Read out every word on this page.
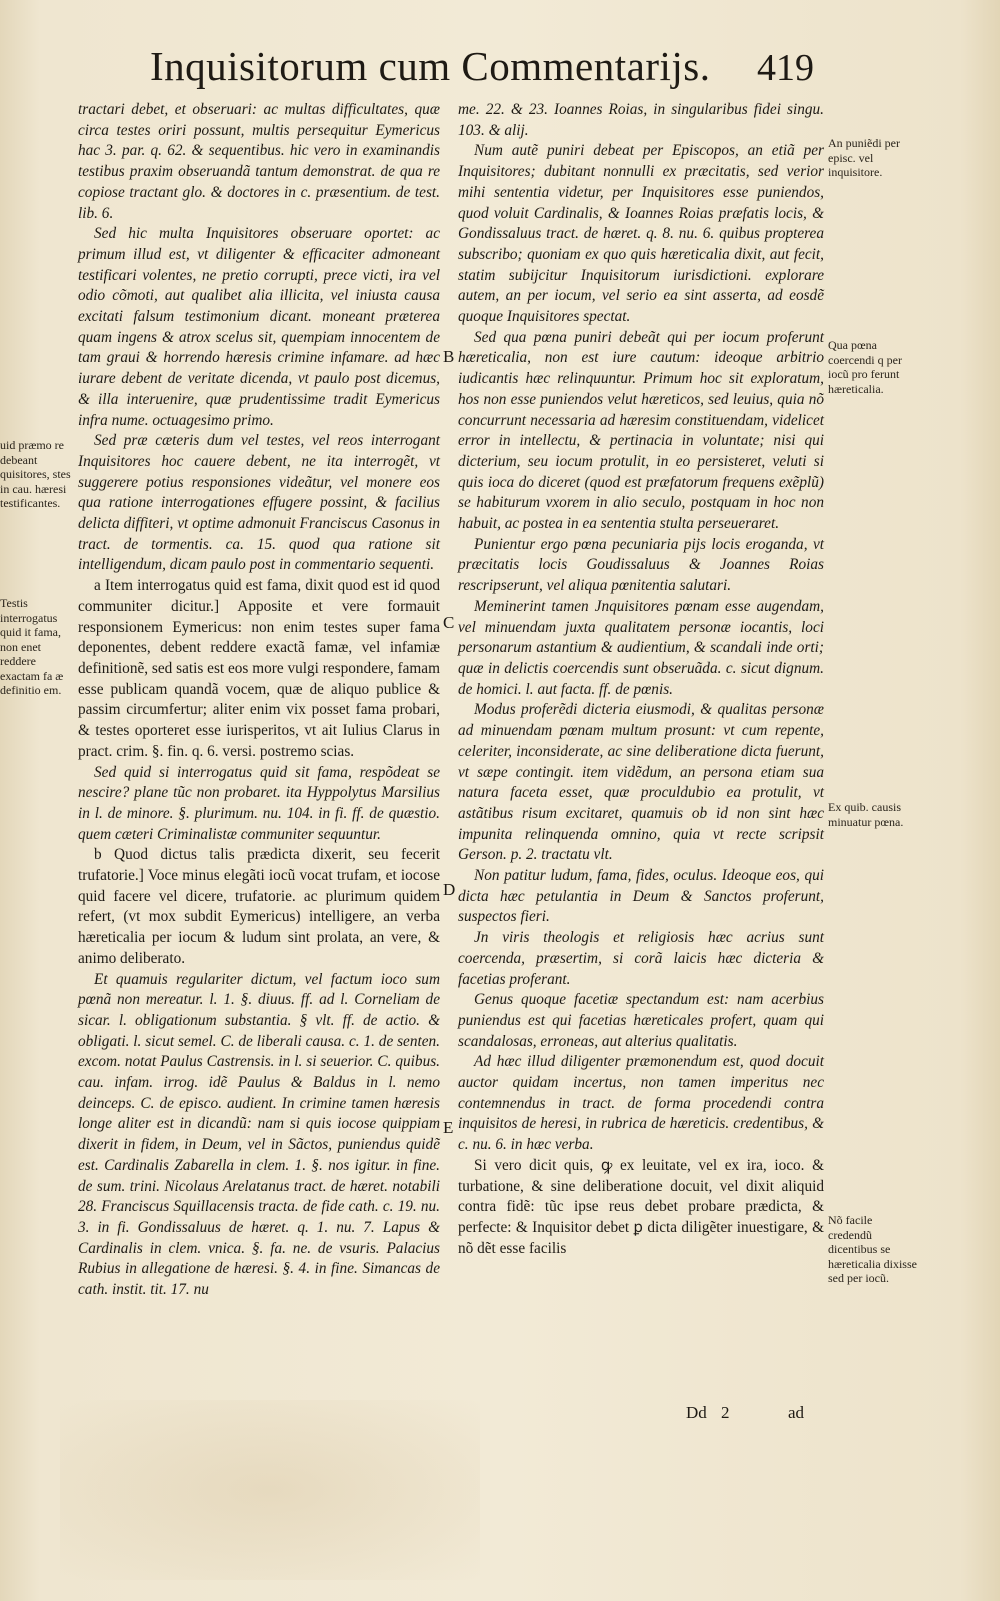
Inquisitorum cum Commentarijs. 419

tractari debet, et obseruari: ac multas difficultates, quæ circa testes oriri possunt, multis persequitur Eymericus hac 3. par. q. 62. & sequentibus. hic vero in examinandis testibus praxim obseruandã tantum demonstrat. de qua re copiose tractant glo. & doctores in c. præsentium. de test. lib. 6.

Sed hic multa Inquisitores obseruare oportet: ac primum illud est, vt diligenter & efficaciter admoneant testificari volentes, ne pretio corrupti, prece victi, ira vel odio cõmoti, aut qualibet alia illicita, vel iniusta causa excitati falsum testimonium dicant. moneant præterea quam ingens & atrox scelus sit, quempiam innocentem de tam graui & horrendo hæresis crimine infamare. ad hæc iurare debent de veritate dicenda, vt paulo post dicemus, & illa interuenire, quæ prudentissime tradit Eymericus infra nume. octuagesimo primo.

Sed præ cæteris dum vel testes, vel reos interrogant Inquisitores hoc cauere debent, ne ita interrogẽt, vt suggerere potius responsiones videãtur, vel monere eos qua ratione interrogationes effugere possint, & facilius delicta diffiteri, vt optime admonuit Franciscus Casonus in tract. de tormentis. ca. 15. quod qua ratione sit intelligendum, dicam paulo post in commentario sequenti.

a Item interrogatus quid est fama, dixit quod est id quod communiter dicitur.] Apposite et vere formauit responsionem Eymericus: non enim testes super fama deponentes, debent reddere exactã famæ, vel infamiæ definitionẽ, sed satis est eos more vulgi respondere, famam esse publicam quandã vocem, quæ de aliquo publice & passim circumfertur; aliter enim vix posset fama probari, & testes oporteret esse iurisperitos, vt ait Iulius Clarus in pract. crim. §. fin. q. 6. versi. postremo scias.

Sed quid si interrogatus quid sit fama, respõdeat se nescire? plane tũc non probaret. ita Hyppolytus Marsilius in l. de minore. §. plurimum. nu. 104. in fi. ff. de quæstio. quem cæteri Criminalistæ communiter sequuntur.

b Quod dictus talis prædicta dixerit, seu fecerit trufatorie.] Voce minus elegãti iocũ vocat trufam, et iocose quid facere vel dicere, trufatorie. ac plurimum quidem refert, (vt mox subdit Eymericus) intelligere, an verba hæreticalia per iocum & ludum sint prolata, an vere, & animo deliberato.

Et quamuis regulariter dictum, vel factum ioco sum pœnã non mereatur. l. 1. §. diuus. ff. ad l. Corneliam de sicar. l. obligationum substantia. § vlt. ff. de actio. & obligati. l. sicut semel. C. de liberali causa. c. 1. de senten. excom. notat Paulus Castrensis. in l. si seuerior. C. quibus. cau. infam. irrog. idẽ Paulus & Baldus in l. nemo deinceps. C. de episco. audient. In crimine tamen hæresis longe aliter est in dicandũ: nam si quis iocose quippiam dixerit in fidem, in Deum, vel in Sãctos, puniendus quidẽ est. Cardinalis Zabarella in clem. 1. §. nos igitur. in fine. de sum. trini. Nicolaus Arelatanus tract. de hæret. notabili 28. Franciscus Squillacensis tracta. de fide cath. c. 19. nu. 3. in fi. Gondissaluus de hæret. q. 1. nu. 7. Lapus & Cardinalis in clem. vnica. §. fa. ne. de vsuris. Palacius Rubius in allegatione de hæresi. §. 4. in fine. Simancas de cath. instit. tit. 17. nu

me. 22. & 23. Ioannes Roias, in singularibus fidei singu. 103. & alij.

Num autẽ puniri debeat per Episcopos, an etiã per Inquisitores; dubitant nonnulli ex præcitatis, sed verior mihi sententia videtur, per Inquisitores esse puniendos, quod voluit Cardinalis, & Ioannes Roias præfatis locis, & Gondissaluus tract. de hæret. q. 8. nu. 6. quibus propterea subscribo; quoniam ex quo quis hæreticalia dixit, aut fecit, statim subijcitur Inquisitorum iurisdictioni. explorare autem, an per iocum, vel serio ea sint asserta, ad eosdẽ quoque Inquisitores spectat.

Sed qua pœna puniri debeãt qui per iocum proferunt hæreticalia, non est iure cautum: ideoque arbitrio iudicantis hæc relinquuntur. Primum hoc sit exploratum, hos non esse puniendos velut hæreticos, sed leuius, quia nõ concurrunt necessaria ad hæresim constituendam, videlicet error in intellectu, & pertinacia in voluntate; nisi qui dicterium, seu iocum protulit, in eo persisteret, veluti si quis ioca do diceret (quod est præfatorum frequens exẽplũ) se habiturum vxorem in alio seculo, postquam in hoc non habuit, ac postea in ea sententia stulta perseueraret.

Punientur ergo pœna pecuniaria pijs locis eroganda, vt præcitatis locis Goudissaluus & Joannes Roias rescripserunt, vel aliqua pœnitentia salutari.

Meminerint tamen Jnquisitores pœnam esse augendam, vel minuendam juxta qualitatem personæ iocantis, loci personarum astantium & audientium, & scandali inde orti; quæ in delictis coercendis sunt obseruãda. c. sicut dignum. de homici. l. aut facta. ff. de pœnis.

Modus proferẽdi dicteria eiusmodi, & qualitas personæ ad minuendam pœnam multum prosunt: vt cum repente, celeriter, inconsiderate, ac sine deliberatione dicta fuerunt, vt sæpe contingit. item vidẽdum, an persona etiam sua natura faceta esset, quæ proculdubio ea protulit, vt astãtibus risum excitaret, quamuis ob id non sint hæc impunita relinquenda omnino, quia vt recte scripsit Gerson. p. 2. tractatu vlt.

Non patitur ludum, fama, fides, oculus. Ideoque eos, qui dicta hæc petulantia in Deum & Sanctos proferunt, suspectos fieri.

Jn viris theologis et religiosis hæc acrius sunt coercenda, præsertim, si corã laicis hæc dicteria & facetias proferant.

Genus quoque facetiæ spectandum est: nam acerbius puniendus est qui facetias hæreticales profert, quam qui scandalosas, erroneas, aut alterius qualitatis.

Ad hæc illud diligenter præmonendum est, quod docuit auctor quidam incertus, non tamen imperitus nec contemnendus in tract. de forma procedendi contra inquisitos de heresi, in rubrica de hæreticis. credentibus, & c. nu. 6. in hæc verba.

Si vero dicit quis, ꝙ ex leuitate, vel ex ira, ioco. & turbatione, & sine deliberatione docuit, vel dixit aliquid contra fidẽ: tũc ipse reus debet probare prædicta, & perfecte: & Inquisitor debet ꝑ dicta diligẽter inuestigare, & nõ dẽt esse facilis

B
C
D
E
uid præmo re debeant quisitores, stes in cau. hæresi testificantes.
Testis interrogatus quid it fama, non enet reddere exactam fa æ definitio em.
An puniẽdi per episc. vel inquisitore.
Qua pœna coercendi q per iocũ pro ferunt hæreticalia.
Ex quib. causis minuatur pœna.
Nõ facile credendũ dicentibus se hæreticalia dixisse sed per iocũ.
Dd 2	ad
